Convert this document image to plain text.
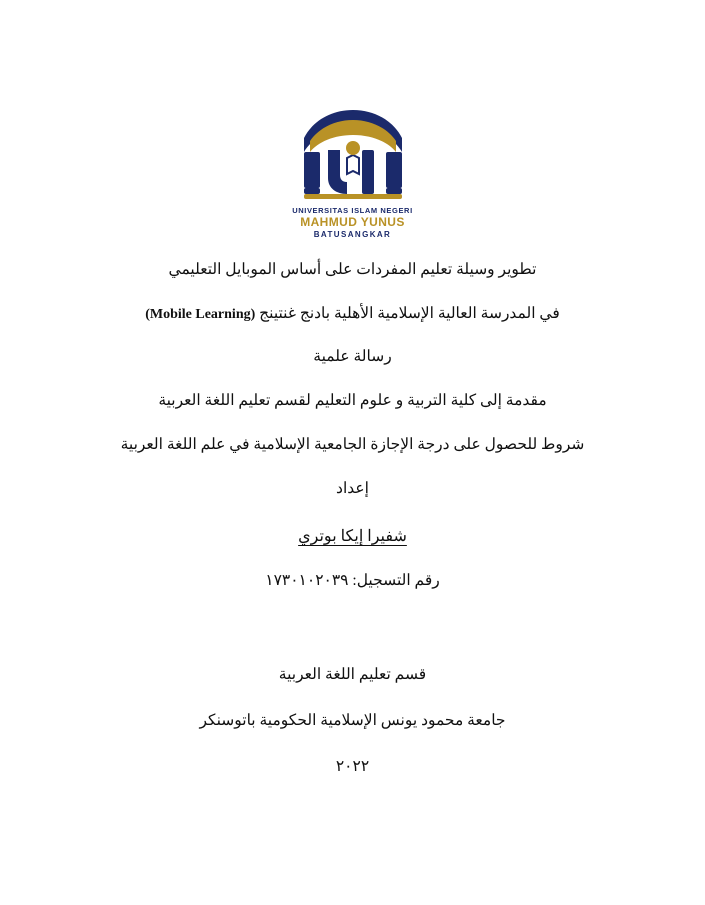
UNIVERSITAS ISLAM NEGERI
MAHMUD YUNUS
BATUSANGKAR

تطوير وسيلة تعليم المفردات على أساس الموبايل التعليمي

في المدرسة العالية الإسلامية الأهلية بادنج غنتينج (Mobile Learning)

رسالة علمية

مقدمة إلى كلية التربية و علوم التعليم لقسم تعليم اللغة العربية

شروط للحصول على درجة الإجازة الجامعية الإسلامية في علم اللغة العربية

إعداد

شفيرا إيكا بوتري

رقم التسجيل: ١٧٣٠١٠٢٠٣٩

قسم تعليم اللغة العربية

جامعة محمود يونس الإسلامية الحكومية باتوسنكر

٢٠٢٢
